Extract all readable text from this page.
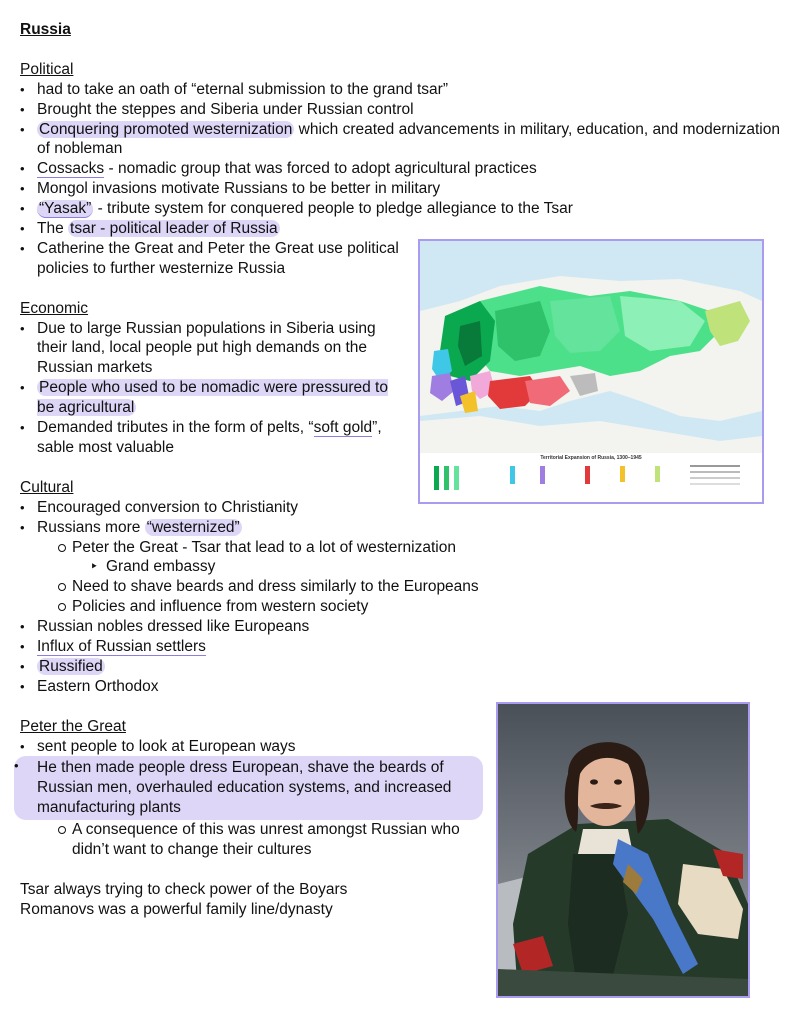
Russia
Political
• had to take an oath of “eternal submission to the grand tsar”
• Brought the steppes and Siberia under Russian control
• Conquering promoted westernization which created advancements in military, education, and modernization of nobleman
• Cossacks - nomadic group that was forced to adopt agricultural practices
• Mongol invasions motivate Russians to be better in military
• “Yasak” - tribute system for conquered people to pledge allegiance to the Tsar
• The tsar - political leader of Russia
• Catherine the Great and Peter the Great use political policies to further westernize Russia
Economic
• Due to large Russian populations in Siberia using their land, local people put high demands on the Russian markets
• People who used to be nomadic were pressured to be agricultural
• Demanded tributes in the form of pelts, “soft gold”, sable most valuable
Cultural
• Encouraged conversion to Christianity
• Russians more “westernized”
Peter the Great - Tsar that lead to a lot of westernization
‣ Grand embassy
Need to shave beards and dress similarly to the Europeans
Policies and influence from western society
• Russian nobles dressed like Europeans
• Influx of Russian settlers
• Russified
• Eastern Orthodox
Peter the Great
• sent people to look at European ways
• He then made people dress European, shave the beards of Russian men, overhauled education systems, and increased manufacturing plants
A consequence of this was unrest amongst Russian who didn’t want to change their cultures
Tsar always trying to check power of the Boyars
Romanovs was a powerful family line/dynasty
Territorial Expansion of Russia, 1300–1945
